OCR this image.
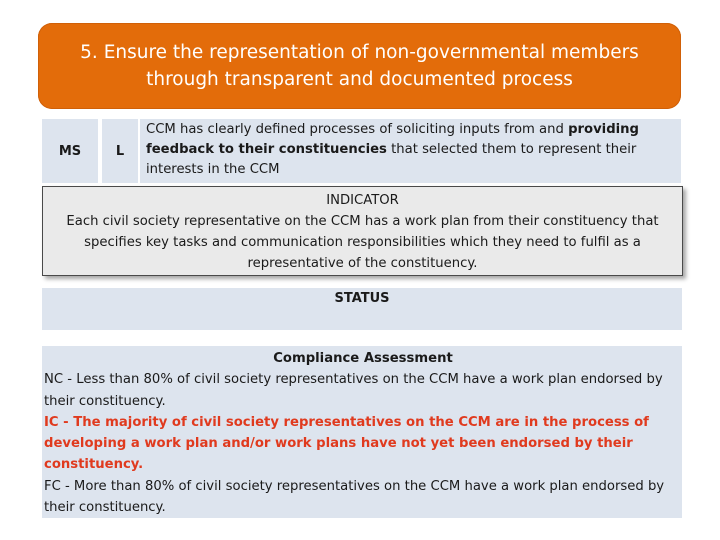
5. Ensure the representation of non-governmental members
through transparent and documented process
MS	L
CCM has clearly defined processes of soliciting inputs from and providing feedback to their constituencies that selected them to represent their interests in the CCM
INDICATOR
Each civil society representative on the CCM has a work plan from their constituency that specifies key tasks and communication responsibilities which they need to fulfil as a representative of the constituency.
STATUS
Compliance Assessment
NC - Less than 80% of civil society representatives on the CCM have a work plan endorsed by their constituency.
IC - The majority of civil society representatives on the CCM are in the process of developing a work plan and/or work plans have not yet been endorsed by their constituency.
FC - More than 80% of civil society representatives on the CCM have a work plan endorsed by their constituency.
